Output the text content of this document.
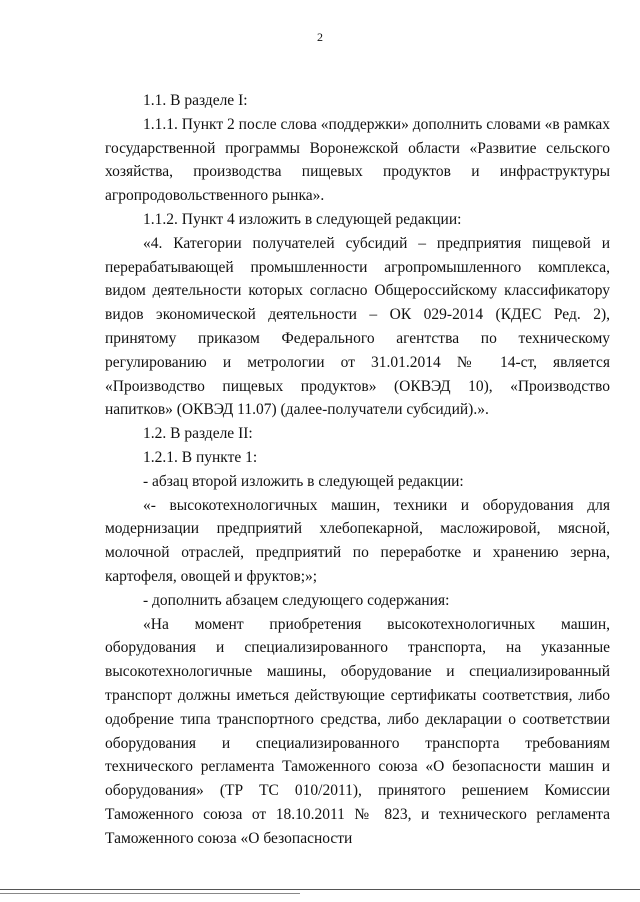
2

1.1. В разделе I:

1.1.1. Пункт 2 после слова «поддержки» дополнить словами «в рамках государственной программы Воронежской области «Развитие сельского хозяйства, производства пищевых продуктов и инфраструктуры агропродовольственного рынка».

1.1.2. Пункт 4 изложить в следующей редакции:

«4. Категории получателей субсидий – предприятия пищевой и перерабатывающей промышленности агропромышленного комплекса, видом деятельности которых согласно Общероссийскому классификатору видов экономической деятельности – ОК 029-2014 (КДЕС Ред. 2), принятому приказом Федерального агентства по техническому регулированию и метрологии от 31.01.2014 № 14-ст, является «Производство пищевых продуктов» (ОКВЭД 10), «Производство напитков» (ОКВЭД 11.07) (далее-получатели субсидий).».

1.2. В разделе II:

1.2.1. В пункте 1:

- абзац второй изложить в следующей редакции:

«- высокотехнологичных машин, техники и оборудования для модернизации предприятий хлебопекарной, масложировой, мясной, молочной отраслей, предприятий по переработке и хранению зерна, картофеля, овощей и фруктов;»;

- дополнить абзацем следующего содержания:

«На момент приобретения высокотехнологичных машин, оборудования и специализированного транспорта, на указанные высокотехнологичные машины, оборудование и специализированный транспорт должны иметься действующие сертификаты соответствия, либо одобрение типа транспортного средства, либо декларации о соответствии оборудования и специализированного транспорта требованиям технического регламента Таможенного союза «О безопасности машин и оборудования» (ТР ТС 010/2011), принятого решением Комиссии Таможенного союза от 18.10.2011 № 823, и технического регламента Таможенного союза «О безопасности
